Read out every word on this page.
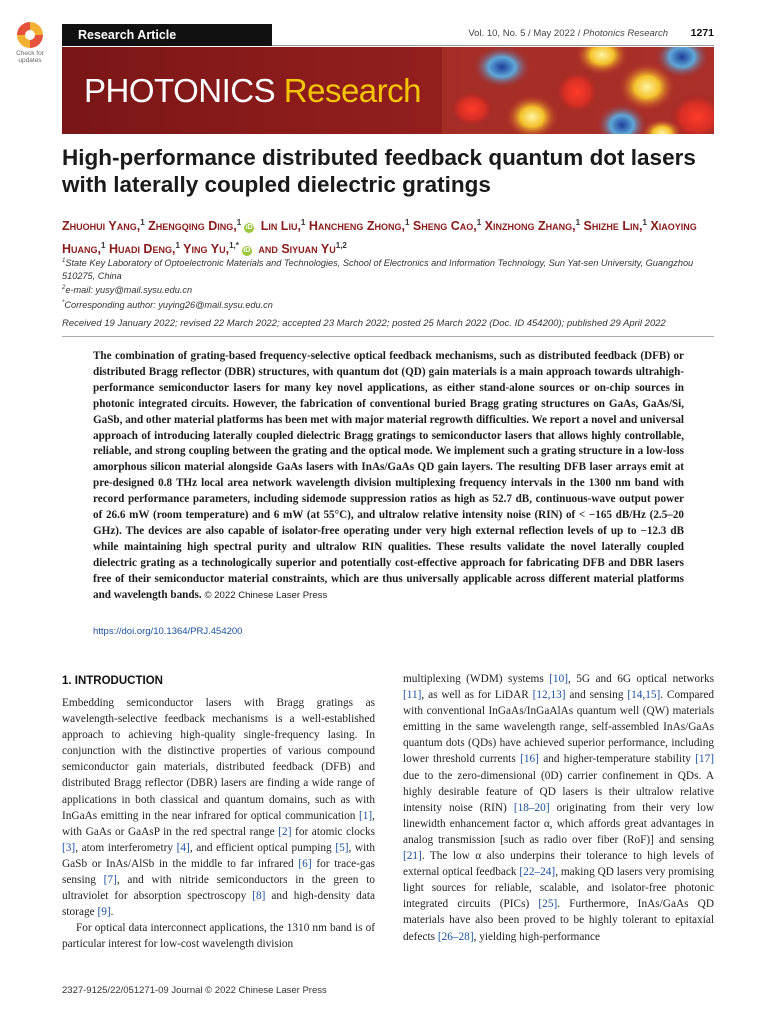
Check for
updates
Research Article	Vol. 10, No. 5 / May 2022 / Photonics Research 1271
PHOTONICS Research
High-performance distributed feedback quantum dot lasers with laterally coupled dielectric gratings
Zhuohui Yang,$^1$ Zhengqing Ding,$^1$iD Lin Liu,$^1$ Hancheng Zhong,$^1$ Sheng Cao,$^1$ Xinzhong Zhang,$^1$ Shizhe Lin,$^1$ Xiaoying Huang,$^1$ Huadi Deng,$^1$ Ying Yu,$^{1,*}$iD and Siyuan Yu$^{1,2}$

$^1$State Key Laboratory of Optoelectronic Materials and Technologies, School of Electronics and Information Technology, Sun Yat-sen University, Guangzhou 510275, China

$^2$e-mail: yusy@mail.sysu.edu.cn

*Corresponding author: yuying26@mail.sysu.edu.cn

Received 19 January 2022; revised 22 March 2022; accepted 23 March 2022; posted 25 March 2022 (Doc. ID 454200); published 29 April 2022
The combination of grating-based frequency-selective optical feedback mechanisms, such as distributed feedback (DFB) or distributed Bragg reflector (DBR) structures, with quantum dot (QD) gain materials is a main approach towards ultrahigh-performance semiconductor lasers for many key novel applications, as either stand-alone sources or on-chip sources in photonic integrated circuits. However, the fabrication of conventional buried Bragg grating structures on GaAs, GaAs/Si, GaSb, and other material platforms has been met with major material regrowth difficulties. We report a novel and universal approach of introducing laterally coupled dielectric Bragg gratings to semiconductor lasers that allows highly controllable, reliable, and strong coupling between the grating and the optical mode. We implement such a grating structure in a low-loss amorphous silicon material alongside GaAs lasers with InAs/GaAs QD gain layers. The resulting DFB laser arrays emit at pre-designed 0.8 THz local area network wavelength division multiplexing frequency intervals in the 1300 nm band with record performance parameters, including sidemode suppression ratios as high as 52.7 dB, continuous-wave output power of 26.6 mW (room temperature) and 6 mW (at 55°C), and ultralow relative intensity noise (RIN) of < −165 dB/Hz (2.5–20 GHz). The devices are also capable of isolator-free operating under very high external reflection levels of up to −12.3 dB while maintaining high spectral purity and ultralow RIN qualities. These results validate the novel laterally coupled dielectric grating as a technologically superior and potentially cost-effective approach for fabricating DFB and DBR lasers free of their semiconductor material constraints, which are thus universally applicable across different material platforms and wavelength bands. © 2022 Chinese Laser Press
https://doi.org/10.1364/PRJ.454200
1. INTRODUCTION

Embedding semiconductor lasers with Bragg gratings as wavelength-selective feedback mechanisms is a well-established approach to achieving high-quality single-frequency lasing. In conjunction with the distinctive properties of various compound semiconductor gain materials, distributed feedback (DFB) and distributed Bragg reflector (DBR) lasers are finding a wide range of applications in both classical and quantum domains, such as with InGaAs emitting in the near infrared for optical communication [1], with GaAs or GaAsP in the red spectral range [2] for atomic clocks [3], atom interferometry [4], and efficient optical pumping [5], with GaSb or InAs/AlSb in the middle to far infrared [6] for trace-gas sensing [7], and with nitride semiconductors in the green to ultraviolet for absorption spectroscopy [8] and high-density data storage [9].

For optical data interconnect applications, the 1310 nm band is of particular interest for low-cost wavelength division

multiplexing (WDM) systems [10], 5G and 6G optical networks [11], as well as for LiDAR [12,13] and sensing [14,15]. Compared with conventional InGaAs/InGaAlAs quantum well (QW) materials emitting in the same wavelength range, self-assembled InAs/GaAs quantum dots (QDs) have achieved superior performance, including lower threshold currents [16] and higher-temperature stability [17] due to the zero-dimensional (0D) carrier confinement in QDs. A highly desirable feature of QD lasers is their ultralow relative intensity noise (RIN) [18–20] originating from their very low linewidth enhancement factor α, which affords great advantages in analog transmission [such as radio over fiber (RoF)] and sensing [21]. The low α also underpins their tolerance to high levels of external optical feedback [22–24], making QD lasers very promising light sources for reliable, scalable, and isolator-free photonic integrated circuits (PICs) [25]. Furthermore, InAs/GaAs QD materials have also been proved to be highly tolerant to epitaxial defects [26–28], yielding high-performance

2327-9125/22/051271-09 Journal © 2022 Chinese Laser Press
